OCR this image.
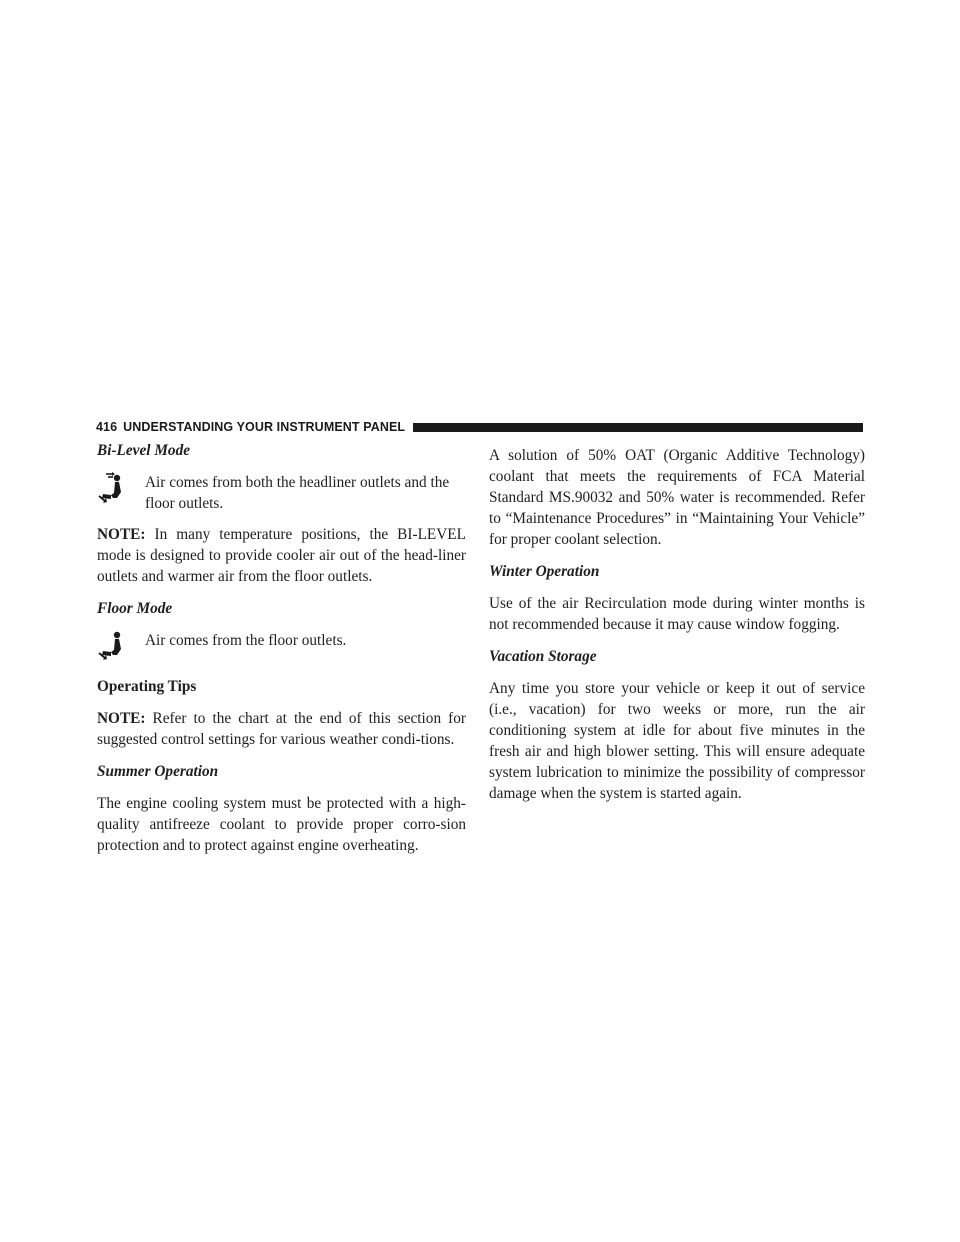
416 UNDERSTANDING YOUR INSTRUMENT PANEL

Bi-Level Mode

Air comes from both the headliner outlets and the floor outlets.

NOTE: In many temperature positions, the BI-LEVEL mode is designed to provide cooler air out of the head-liner outlets and warmer air from the floor outlets.

Floor Mode

Air comes from the floor outlets.

Operating Tips

NOTE: Refer to the chart at the end of this section for suggested control settings for various weather condi-tions.

Summer Operation

The engine cooling system must be protected with a high-quality antifreeze coolant to provide proper corro-sion protection and to protect against engine overheating.

A solution of 50% OAT (Organic Additive Technology) coolant that meets the requirements of FCA Material Standard MS.90032 and 50% water is recommended. Refer to “Maintenance Procedures” in “Maintaining Your Vehicle” for proper coolant selection.

Winter Operation

Use of the air Recirculation mode during winter months is not recommended because it may cause window fogging.

Vacation Storage

Any time you store your vehicle or keep it out of service (i.e., vacation) for two weeks or more, run the air conditioning system at idle for about five minutes in the fresh air and high blower setting. This will ensure adequate system lubrication to minimize the possibility of compressor damage when the system is started again.
